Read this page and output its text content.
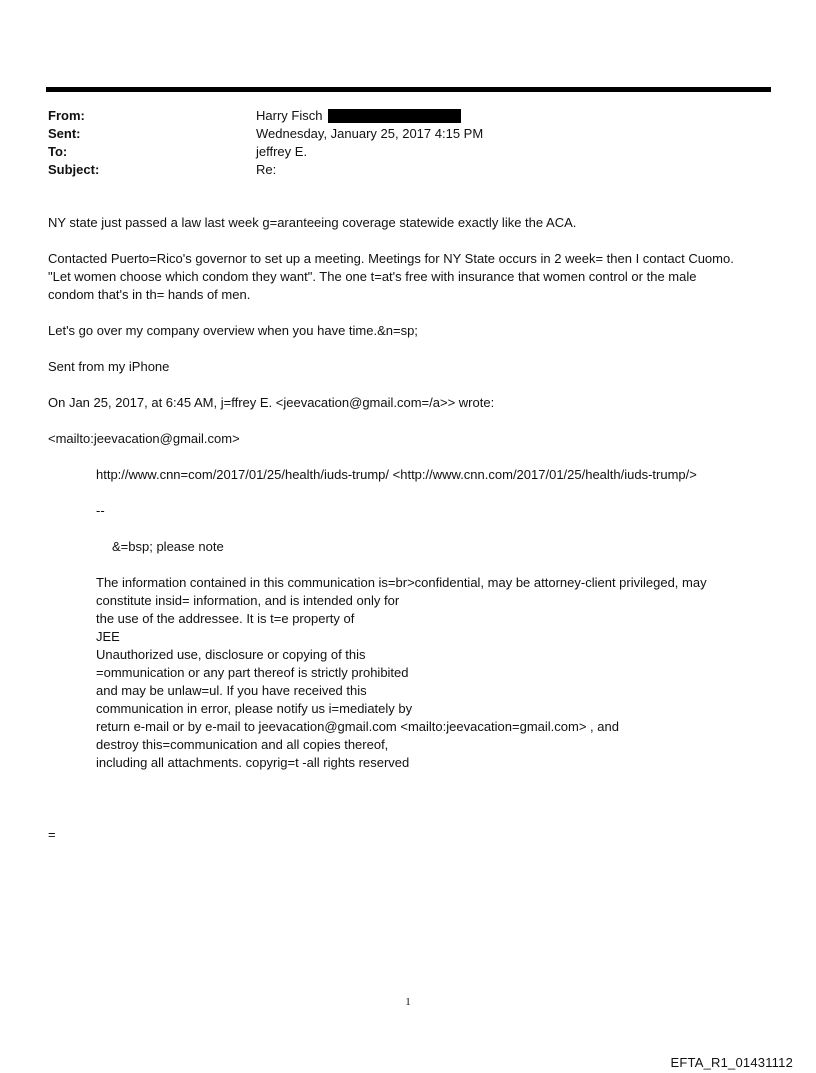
From:	Harry Fisch
Sent:	Wednesday, January 25, 2017 4:15 PM
To:	jeffrey E.
Subject:	Re:

NY state just passed a law last week g=aranteeing coverage statewide exactly like the ACA.

Contacted Puerto=Rico's governor to set up a meeting. Meetings for NY State occurs in 2 week= then I contact Cuomo.

"Let women choose which condom they want". The one t=at's free with insurance that women control or the male

condom that's in th= hands of men.

Let's go over my company overview when you have time.&n=sp;

Sent from my iPhone

On Jan 25, 2017, at 6:45 AM, j=ffrey E. <jeevacation@gmail.com=/a>> wrote:

<mailto:jeevacation@gmail.com>

http://www.cnn=com/2017/01/25/health/iuds-trump/ <http://www.cnn.com/2017/01/25/health/iuds-trump/>

--

&=bsp; please note

The information contained in this communication is=br>confidential, may be attorney-client privileged, may

constitute insid= information, and is intended only for

the use of the addressee. It is t=e property of

JEE

Unauthorized use, disclosure or copying of this

=ommunication or any part thereof is strictly prohibited

and may be unlaw=ul. If you have received this

communication in error, please notify us i=mediately by

return e-mail or by e-mail to jeevacation@gmail.com <mailto:jeevacation=gmail.com> , and

destroy this=communication and all copies thereof,

including all attachments. copyrig=t -all rights reserved

=

1
EFTA_R1_01431112
